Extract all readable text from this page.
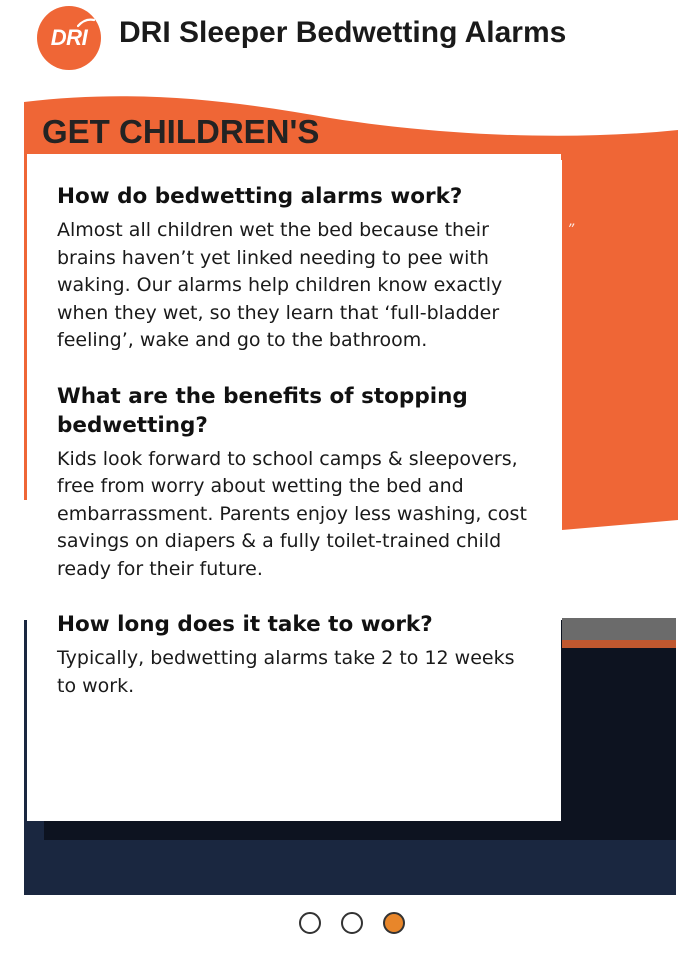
DRI	DRI Sleeper Bedwetting Alarms
GET CHILDREN'S
”
How do bedwetting alarms work?

Almost all children wet the bed because their brains haven’t yet linked needing to pee with waking. Our alarms help children know exactly when they wet, so they learn that ‘full-bladder feeling’, wake and go to the bathroom.

What are the benefits of stopping bedwetting?

Kids look forward to school camps & sleepovers, free from worry about wetting the bed and embarrassment. Parents enjoy less washing, cost savings on diapers & a fully toilet-trained child ready for their future.

How long does it take to work?

Typically, bedwetting alarms take 2 to 12 weeks to work.
